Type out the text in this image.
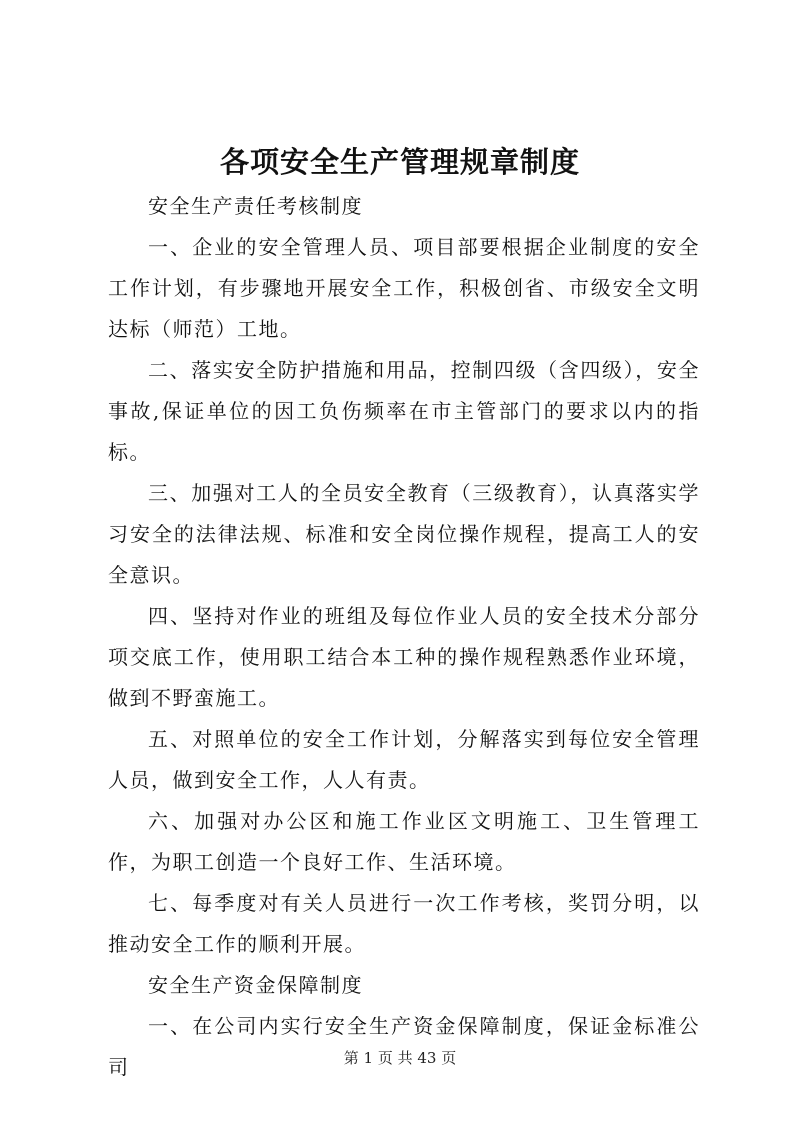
各项安全生产管理规章制度

安全生产责任考核制度

一、企业的安全管理人员、项目部要根据企业制度的安全工作计划，有步骤地开展安全工作，积极创省、市级安全文明达标（师范）工地。

二、落实安全防护措施和用品，控制四级（含四级），安全事故,保证单位的因工负伤频率在市主管部门的要求以内的指标。

三、加强对工人的全员安全教育（三级教育），认真落实学习安全的法律法规、标准和安全岗位操作规程，提高工人的安全意识。

四、坚持对作业的班组及每位作业人员的安全技术分部分项交底工作，使用职工结合本工种的操作规程熟悉作业环境，做到不野蛮施工。

五、对照单位的安全工作计划，分解落实到每位安全管理人员，做到安全工作，人人有责。

六、加强对办公区和施工作业区文明施工、卫生管理工作，为职工创造一个良好工作、生活环境。

七、每季度对有关人员进行一次工作考核，奖罚分明，以推动安全工作的顺利开展。

安全生产资金保障制度

一、在公司内实行安全生产资金保障制度，保证金标准公司	第 1 页 共 43 页
